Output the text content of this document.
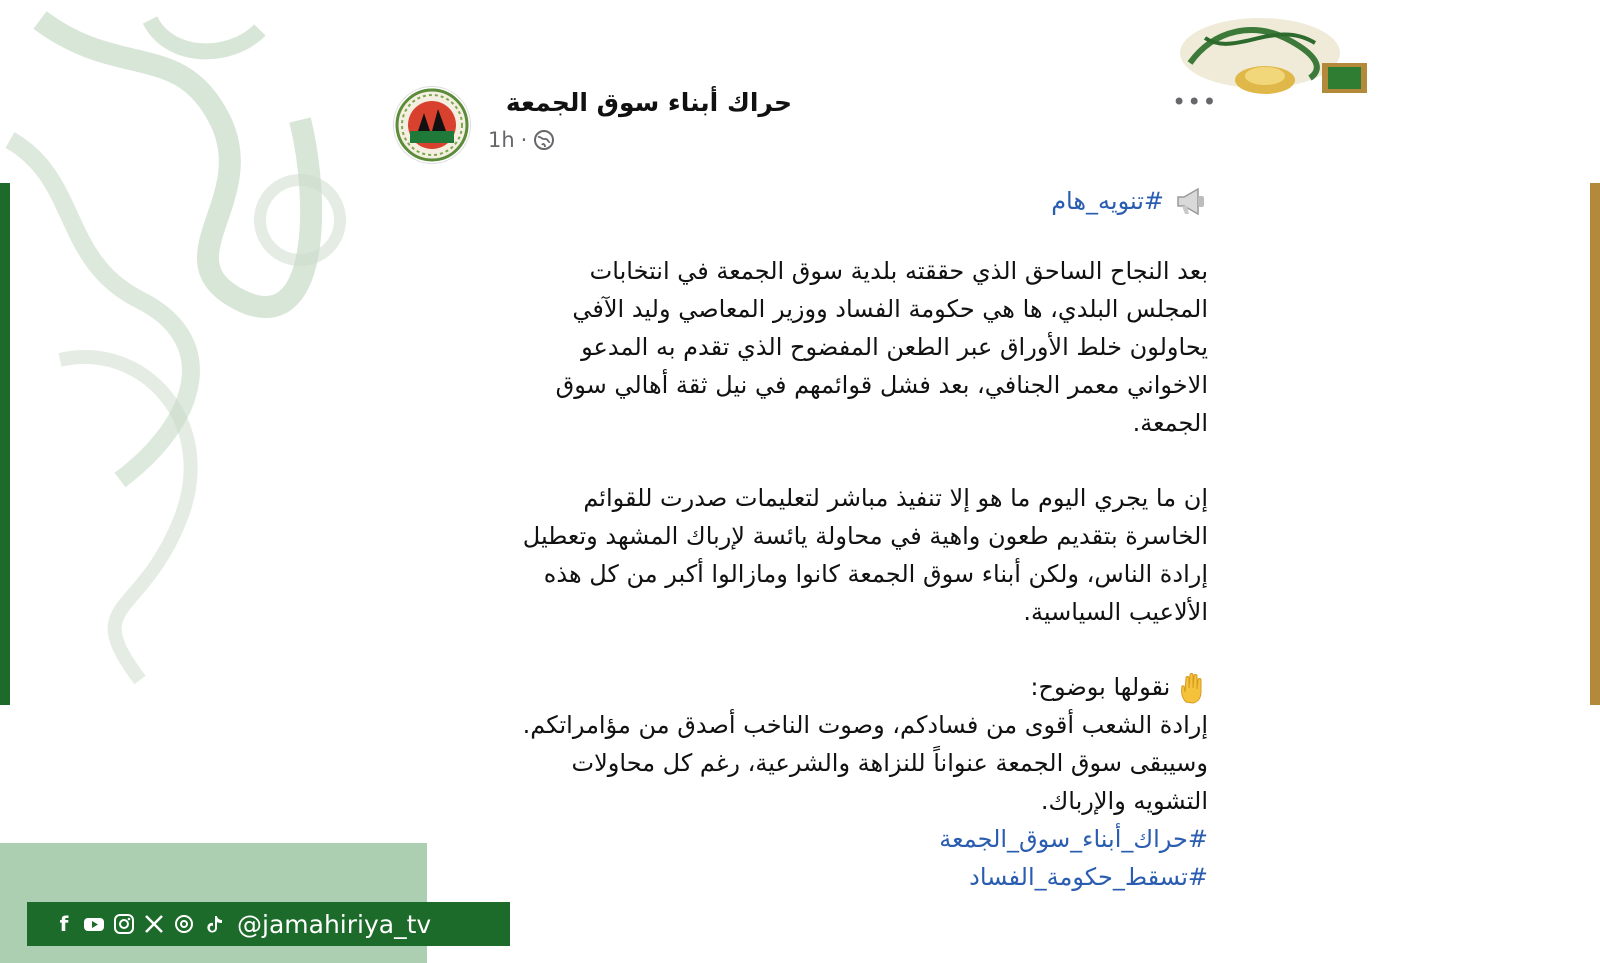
حراك أبناء سوق الجمعة
1h ·
•••
#تنويه_هام

بعد النجاح الساحق الذي حققته بلدية سوق الجمعة في انتخابات

المجلس البلدي، ها هي حكومة الفساد ووزير المعاصي وليد الآفي

يحاولون خلط الأوراق عبر الطعن المفضوح الذي تقدم به المدعو

الاخواني معمر الجنافي، بعد فشل قوائمهم في نيل ثقة أهالي سوق

الجمعة.

إن ما يجري اليوم ما هو إلا تنفيذ مباشر لتعليمات صدرت للقوائم

الخاسرة بتقديم طعون واهية في محاولة يائسة لإرباك المشهد وتعطيل

إرادة الناس، ولكن أبناء سوق الجمعة كانوا ومازالوا أكبر من كل هذه

الألاعيب السياسية.

نقولها بوضوح:

إرادة الشعب أقوى من فسادكم، وصوت الناخب أصدق من مؤامراتكم.

وسيبقى سوق الجمعة عنواناً للنزاهة والشرعية، رغم كل محاولات

التشويه والإرباك.

#حراك_أبناء_سوق_الجمعة

#تسقط_حكومة_الفساد

f	@jamahiriya_tv
